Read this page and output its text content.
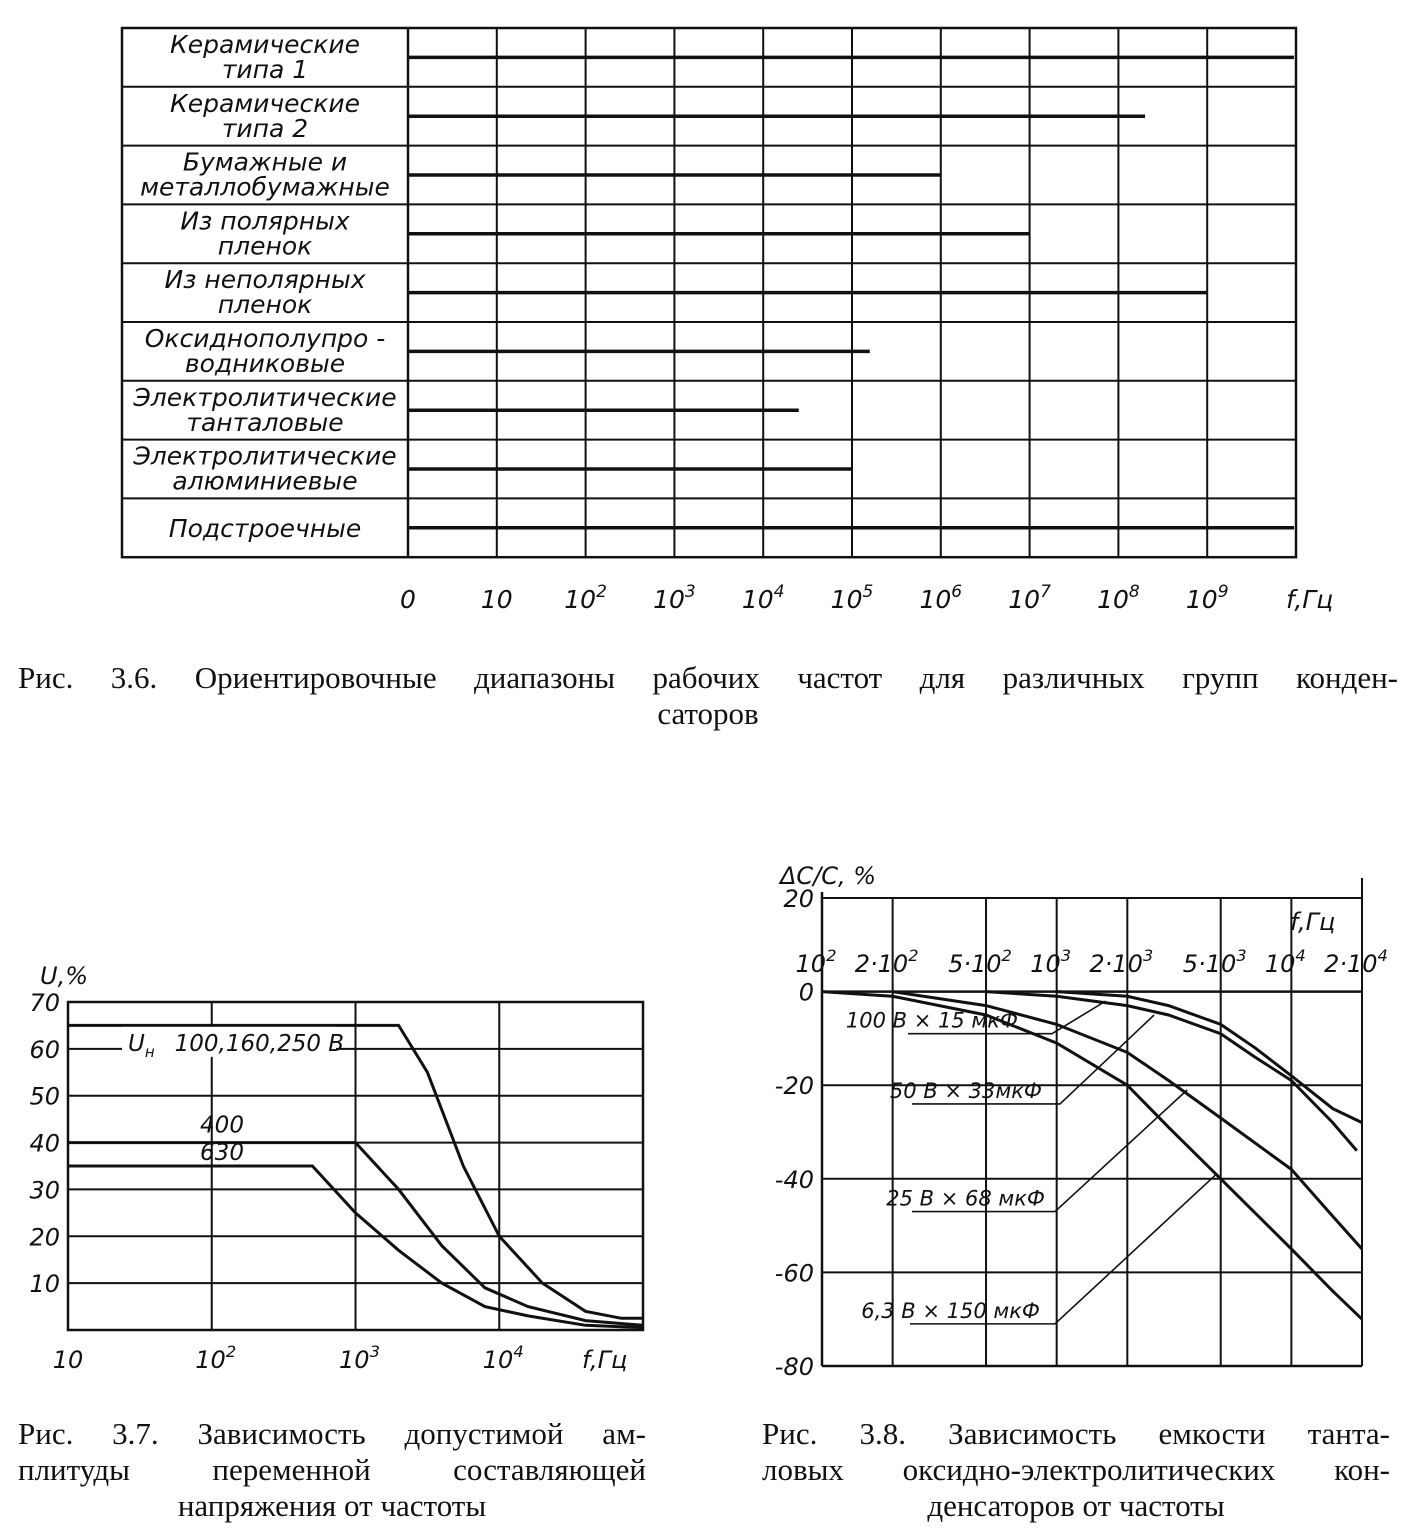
Керамические
типа 1
Керамические
типа 2
Бумажные и
металлобумажные
Из полярных
пленок
Из неполярных
пленок
Оксиднополупро -
водниковые
Электролитические
танталовые
Электролитические
алюминиевые
Подстроечные
0	10 $10^2$ $10^3$ $10^4$ $10^5$ $10^6$ $10^7$ $10^8$ $10^9$ f,Гц
70
60
50
40
30
20
10
10	$10^2$	$10^3$	$10^4$ f,Гц
U,%
$U_н$ 100,160,250 В
400
630
20
0
-20
-40
-60
-80
$10^2$ $2\cdot 10^2$ $5\cdot 10^2$ $10^3$ $2\cdot 10^3$ $5\cdot 10^3$ $10^4$ $2\cdot 10^4$
f,Гц
ΔC/C, %
100 В × 15 мкФ
50 В × 33мкФ
25 В × 68 мкФ
6,3 В × 150 мкФ
Рис. 3.6. Ориентировочные диапазоны рабочих частот для различных групп конден-
саторов
Рис. 3.7. Зависимость допустимой ам-
плитуды переменной составляющей
напряжения от частоты
Рис. 3.8. Зависимость емкости танта-
ловых оксидно-электролитических кон-
денсаторов от частоты
